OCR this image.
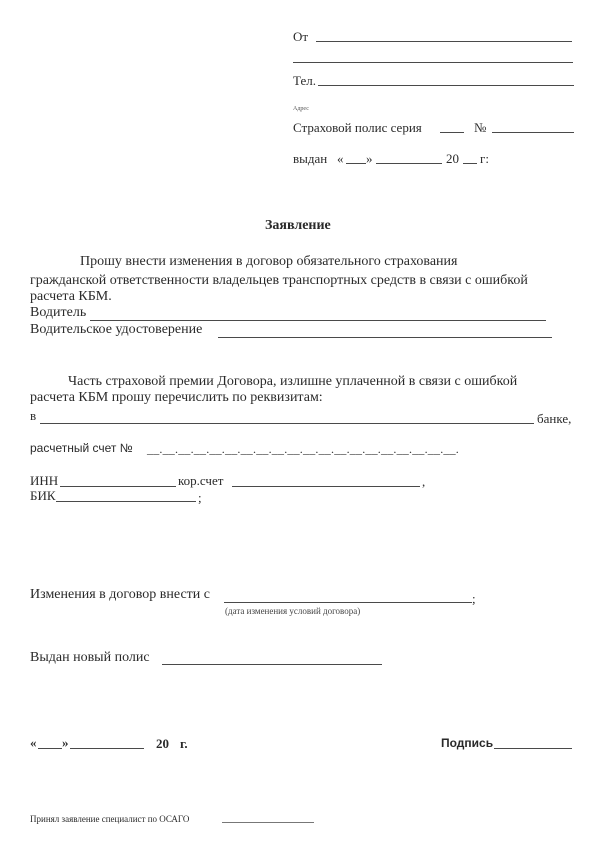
От
Тел.
Адрес
Страховой полис серия	№
выдан « »	20 г:
Заявление
Прошу внести изменения в договор обязательного страхования
гражданской ответственности владельцев транспортных средств в связи с ошибкой
расчета КБМ.
Водитель
Водительское удостоверение
Часть страховой премии Договора, излишне уплаченной в связи с ошибкой
расчета КБМ прошу перечислить по реквизитам:
в	банке,
расчетный счет № __.__.__.__.__.__.__.__.__.__.__.__.__.__.__.__.__.__.__.__.
ИНН	кор.счет	,
БИК	;
Изменения в договор внести с	;
(дата изменения условий договора)
Выдан новый полис
« »	20 г.	Подпись
Принял заявление специалист по ОСАГО
